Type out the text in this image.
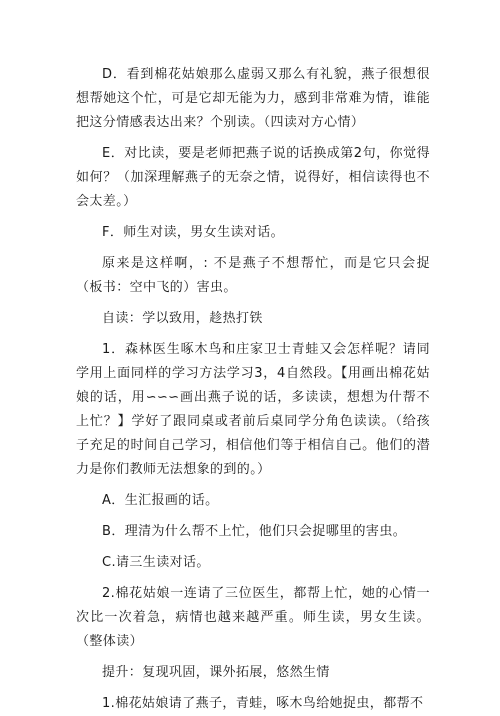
D．看到棉花姑娘那么虚弱又那么有礼貌，燕子很想很想帮她这个忙，可是它却无能为力，感到非常难为情，谁能把这分情感表达出来？个别读。（四读对方心情）

E．对比读，要是老师把燕子说的话换成第2句，你觉得如何？（加深理解燕子的无奈之情，说得好，相信读得也不会太差。）

F．师生对读，男女生读对话。

原来是这样啊，: 不是燕子不想帮忙，而是它只会捉（板书：空中飞的）害虫。

自读：学以致用，趁热打铁

1．森林医生啄木鸟和庄家卫士青蛙又会怎样呢？请同学用上面同样的学习方法学习3，4自然段。【用画出棉花姑娘的话，用∽∽∽画出燕子说的话，多读读，想想为什帮不上忙？】学好了跟同桌或者前后桌同学分角色读读。（给孩子充足的时间自己学习，相信他们等于相信自己。他们的潜力是你们教师无法想象的到的。）

A．生汇报画的话。

B．理清为什么帮不上忙，他们只会捉哪里的害虫。

C.请三生读对话。

2.棉花姑娘一连请了三位医生，都帮上忙，她的心情一次比一次着急，病情也越来越严重。师生读，男女生读。（整体读）

提升：复现巩固，课外拓展，悠然生情

1.棉花姑娘请了燕子，青蛙，啄木鸟给她捉虫，都帮不
